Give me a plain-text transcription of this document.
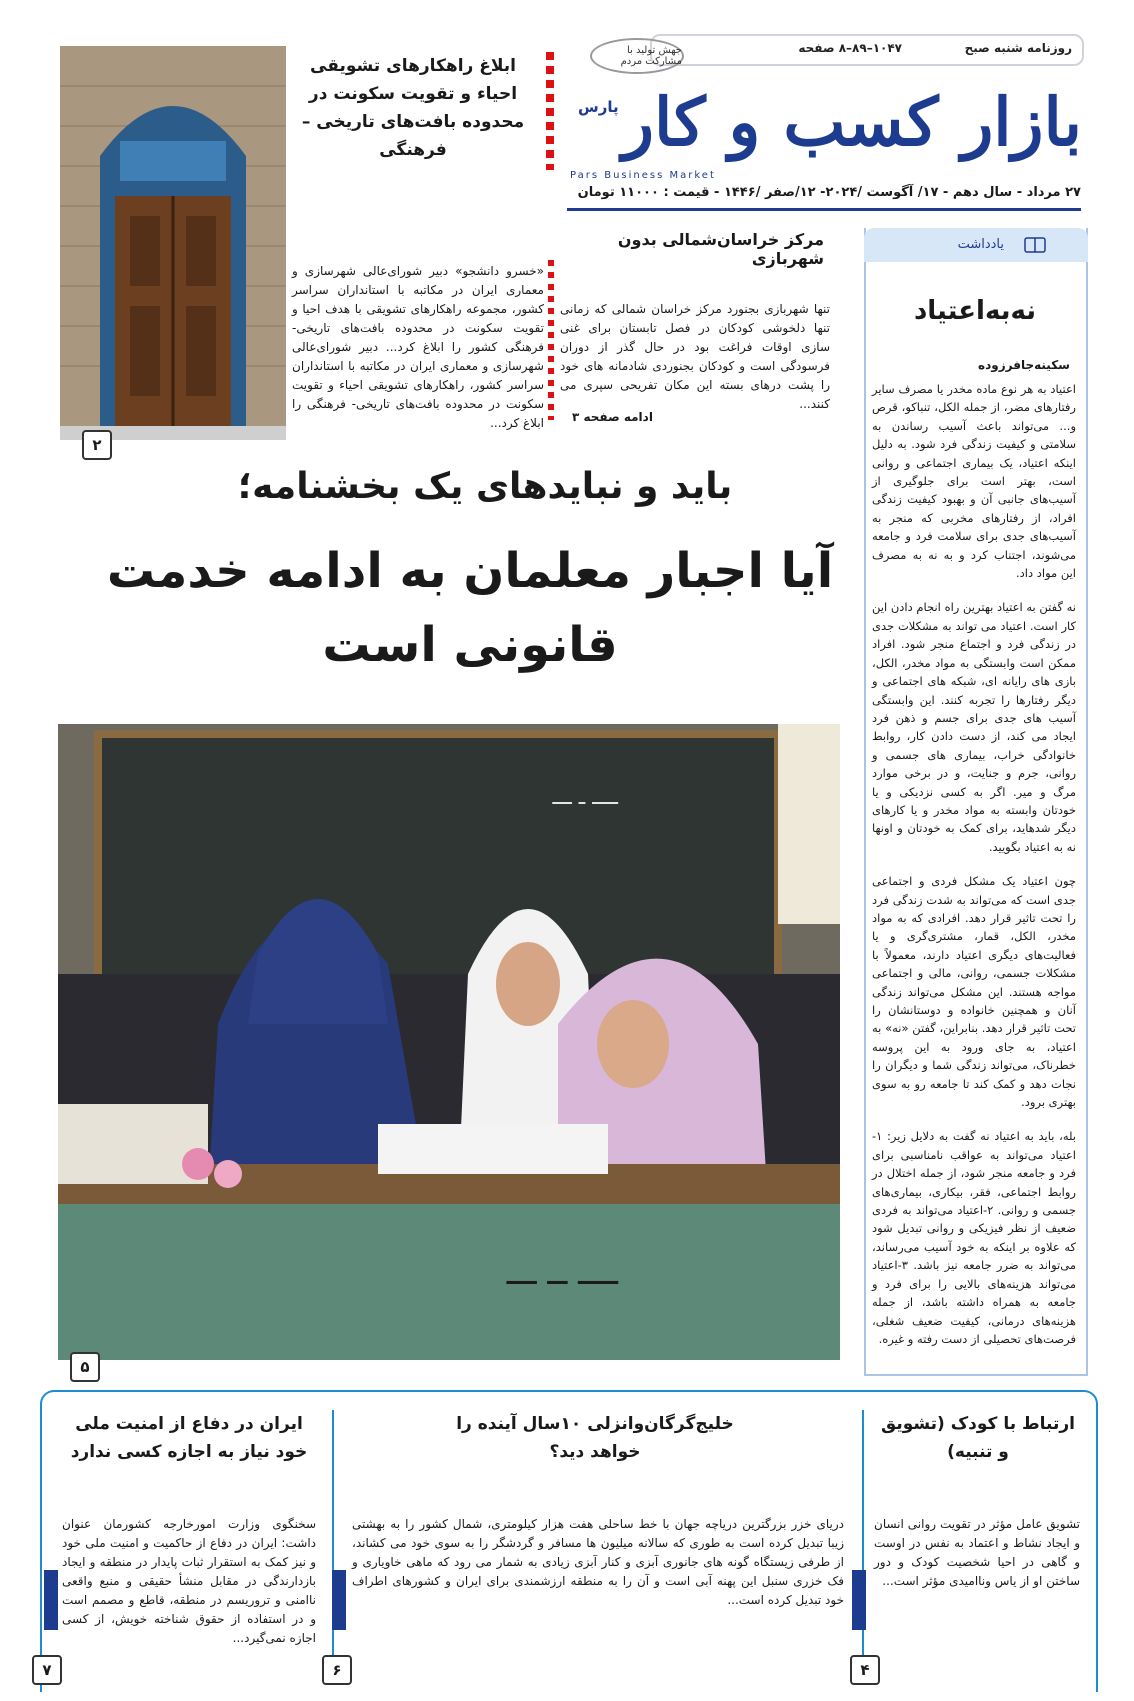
روزنامه شنبه صبح
۱۰۴۷–۸۹–۸ صفحه
جهش تولید با مشارکت مردم
بازار کسب و کار
پارس
Pars Business Market
۲۷ مرداد - سال دهم - ۱۷/ آگوست /۲۰۲۴- ۱۲/صفر /۱۴۴۶ - قیمت : ۱۱۰۰۰ تومان
۲
ابلاغ راهکارهای تشویقی احیاء و تقویت سکونت در محدوده بافت‌های تاریخی – فرهنگی
«خسرو دانشجو» دبیر شورای‌عالی شهرسازی و معماری ایران در مکاتبه با استانداران سراسر کشور، مجموعه راهکارهای تشویقی با هدف احیا و تقویت سکونت در محدوده بافت‌های تاریخی-فرهنگی کشور را ابلاغ کرد... دبیر شورای‌عالی شهرسازی و معماری ایران در مکاتبه با استانداران سراسر کشور، راهکارهای تشویقی احیاء و تقویت سکونت در محدوده بافت‌های تاریخی- فرهنگی را ابلاغ کرد...
مرکز خراسان‌شمالی بدون شهربازی
تنها شهربازی بجنورد مرکز خراسان شمالی که زمانی تنها دلخوشی کودکان در فصل تابستان برای غنی سازی اوقات فراغت بود در حال گذر از دوران فرسودگی است و کودکان بجنوردی شادمانه های خود را پشت درهای بسته این مکان تفریحی سپری می کنند...
ادامه صفحه ۳
یادداشت
نه‌به‌اعتیاد
سکینه‌جافرزوده

اعتیاد به هر نوع ماده مخدر یا مصرف سایر رفتارهای مضر، از جمله الکل، تنباکو، قرص و... می‌تواند باعث آسیب رساندن به سلامتی و کیفیت زندگی فرد شود. به دلیل اینکه اعتیاد، یک بیماری اجتماعی و روانی است، بهتر است برای جلوگیری از آسیب‌های جانبی آن و بهبود کیفیت زندگی افراد، از رفتارهای مخربی که منجر به آسیب‌های جدی برای سلامت فرد و جامعه می‌شوند، اجتناب کرد و به نه به مصرف این مواد داد.

نه گفتن به اعتیاد بهترین راه انجام دادن این کار است. اعتیاد می تواند به مشکلات جدی در زندگی فرد و اجتماع منجر شود. افراد ممکن است وابستگی به مواد مخدر، الکل، بازی های رایانه ای، شبکه های اجتماعی و دیگر رفتارها را تجربه کنند. این وابستگی آسیب های جدی برای جسم و ذهن فرد ایجاد می کند، از دست دادن کار، روابط خانوادگی خراب، بیماری های جسمی و روانی، جرم و جنایت، و در برخی موارد مرگ و میر. اگر به کسی نزدیکی و یا خودتان وابسته به مواد مخدر و یا کارهای دیگر شدهاید، برای کمک به خودتان و اونها نه به اعتیاد بگویید.

چون اعتیاد یک مشکل فردی و اجتماعی جدی است که می‌تواند به شدت زندگی فرد را تحت تاثیر قرار دهد. افرادی که به مواد مخدر، الکل، قمار، مشتری‌گری و یا فعالیت‌های دیگری اعتیاد دارند، معمولاً با مشکلات جسمی، روانی، مالی و اجتماعی مواجه هستند. این مشکل می‌تواند زندگی آنان و همچنین خانواده و دوستانشان را تحت تاثیر قرار دهد. بنابراین، گفتن «نه» به اعتیاد، به جای ورود به این پروسه خطرناک، می‌تواند زندگی شما و دیگران را نجات دهد و کمک کند تا جامعه رو به سوی بهتری برود.

بله، باید به اعتیاد نه گفت به دلایل زیر: ۱-اعتیاد می‌تواند به عواقب نامناسبی برای فرد و جامعه منجر شود، از جمله اختلال در روابط اجتماعی، فقر، بیکاری، بیماری‌های جسمی و روانی. ۲-اعتیاد می‌تواند به فردی ضعیف از نظر فیزیکی و روانی تبدیل شود که علاوه بر اینکه به خود آسیب می‌رساند، می‌تواند به ضرر جامعه نیز باشد. ۳-اعتیاد می‌تواند هزینه‌های بالایی را برای فرد و جامعه به همراه داشته باشد، از جمله هزینه‌های درمانی، کیفیت ضعیف شغلی، فرصت‌های تحصیلی از دست رفته و غیره.

باید و نبایدهای یک بخشنامه؛
آیا اجبار معلمان به ادامه خدمت قانونی است
ــــ ـ ـــ
ــــ ــ ـــ
۵
ارتباط با کودک (تشویق و تنبیه)
تشویق عامل مؤثر در تقویت روانی انسان و ایجاد نشاط و اعتماد به نفس در اوست و گاهی در احیا شخصیت کودک و دور ساختن او از یاس وناامیدی مؤثر است...
۴
خلیج‌گرگان‌وانزلی ۱۰سال آینده را خواهد دید؟
دریای خزر بزرگترین دریاچه جهان با خط ساحلی هفت هزار کیلومتری، شمال کشور را به بهشتی زیبا تبدیل کرده است به طوری که سالانه میلیون ها مسافر و گردشگر را به سوی خود می کشاند، از طرفی زیستگاه گونه های جانوری آبزی و کنار آبزی زیادی به شمار می رود که ماهی خاویاری و فک خزری سنبل این پهنه آبی است و آن را به منطقه ارزشمندی برای ایران و کشورهای اطراف خود تبدیل کرده است...
۶
ایران در دفاع از امنیت ملی خود نیاز به اجازه کسی ندارد
سخنگوی وزارت امورخارجه کشورمان عنوان داشت: ایران در دفاع از حاکمیت و امنیت ملی خود و نیز کمک به استقرار ثبات پایدار در منطقه و ایجاد بازدارندگی در مقابل منشأ حقیقی و منبع واقعی ناامنی و تروریسم در منطقه، قاطع و مصمم است و در استفاده از حقوق شناخته خویش، از کسی اجازه نمی‌گیرد...
۷
